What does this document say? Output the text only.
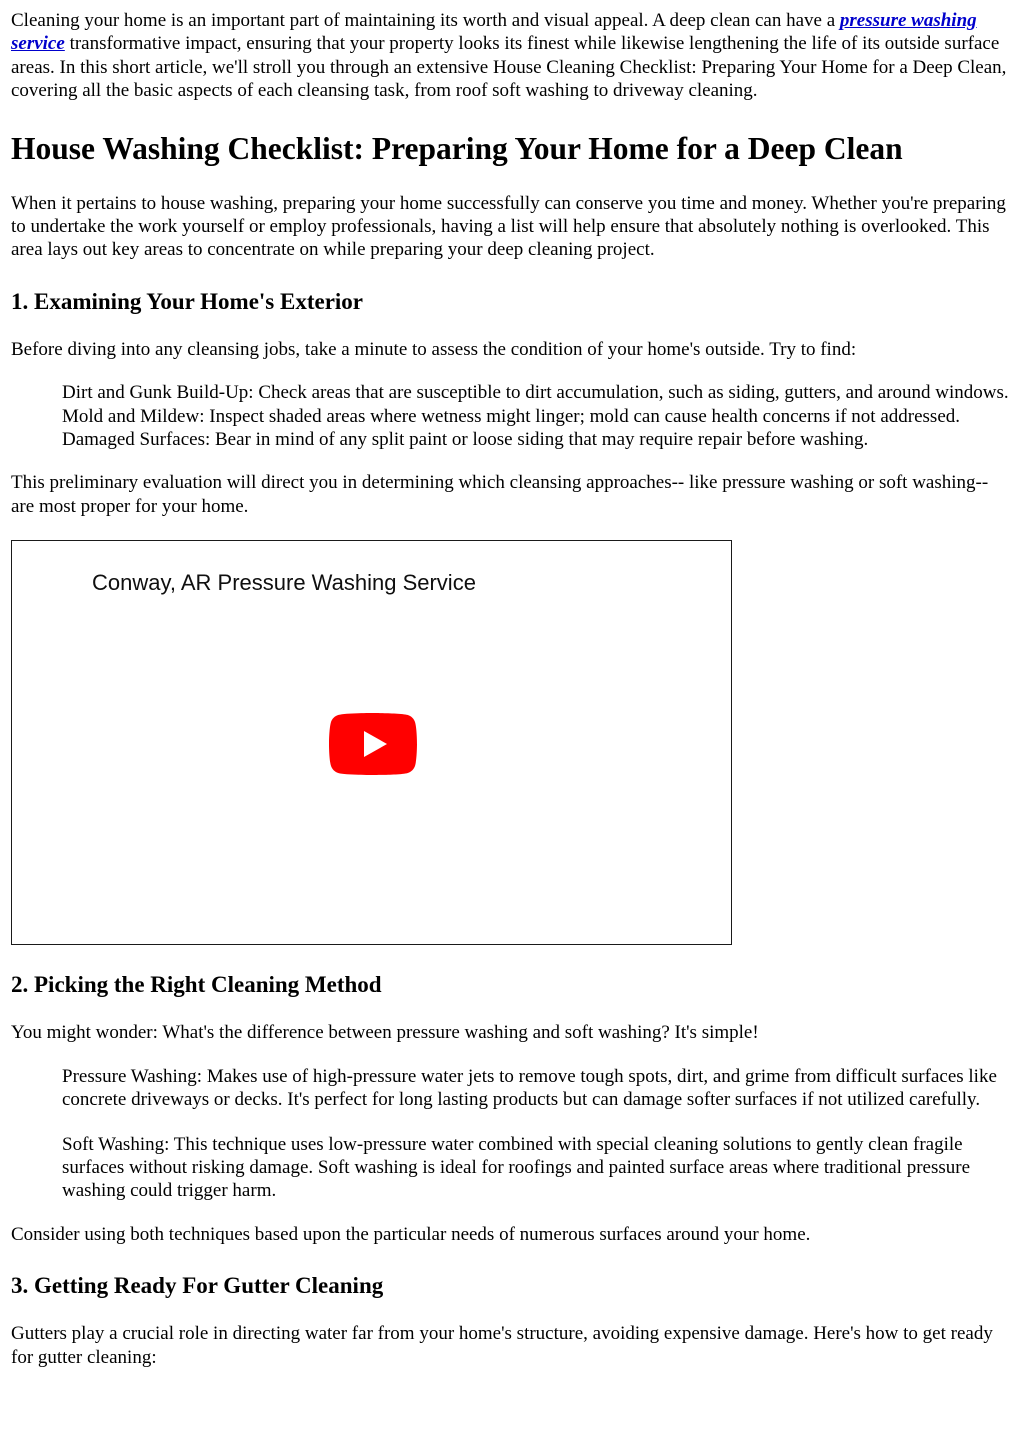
Cleaning your home is an important part of maintaining its worth and visual appeal. A deep clean can have a pressure washing service transformative impact, ensuring that your property looks its finest while likewise lengthening the life of its outside surface areas. In this short article, we'll stroll you through an extensive House Cleaning Checklist: Preparing Your Home for a Deep Clean, covering all the basic aspects of each cleansing task, from roof soft washing to driveway cleaning.

House Washing Checklist: Preparing Your Home for a Deep Clean

When it pertains to house washing, preparing your home successfully can conserve you time and money. Whether you're preparing to undertake the work yourself or employ professionals, having a list will help ensure that absolutely nothing is overlooked. This area lays out key areas to concentrate on while preparing your deep cleaning project.

1. Examining Your Home's Exterior

Before diving into any cleansing jobs, take a minute to assess the condition of your home's outside. Try to find:

Dirt and Gunk Build-Up: Check areas that are susceptible to dirt accumulation, such as siding, gutters, and around windows. Mold and Mildew: Inspect shaded areas where wetness might linger; mold can cause health concerns if not addressed. Damaged Surfaces: Bear in mind of any split paint or loose siding that may require repair before washing.

This preliminary evaluation will direct you in determining which cleansing approaches-- like pressure washing or soft washing-- are most proper for your home.

Conway, AR Pressure Washing Service
2. Picking the Right Cleaning Method

You might wonder: What's the difference between pressure washing and soft washing? It's simple!

Pressure Washing: Makes use of high-pressure water jets to remove tough spots, dirt, and grime from difficult surfaces like concrete driveways or decks. It's perfect for long lasting products but can damage softer surfaces if not utilized carefully.

Soft Washing: This technique uses low-pressure water combined with special cleaning solutions to gently clean fragile surfaces without risking damage. Soft washing is ideal for roofings and painted surface areas where traditional pressure washing could trigger harm.

Consider using both techniques based upon the particular needs of numerous surfaces around your home.

3. Getting Ready For Gutter Cleaning

Gutters play a crucial role in directing water far from your home's structure, avoiding expensive damage. Here's how to get ready for gutter cleaning:
